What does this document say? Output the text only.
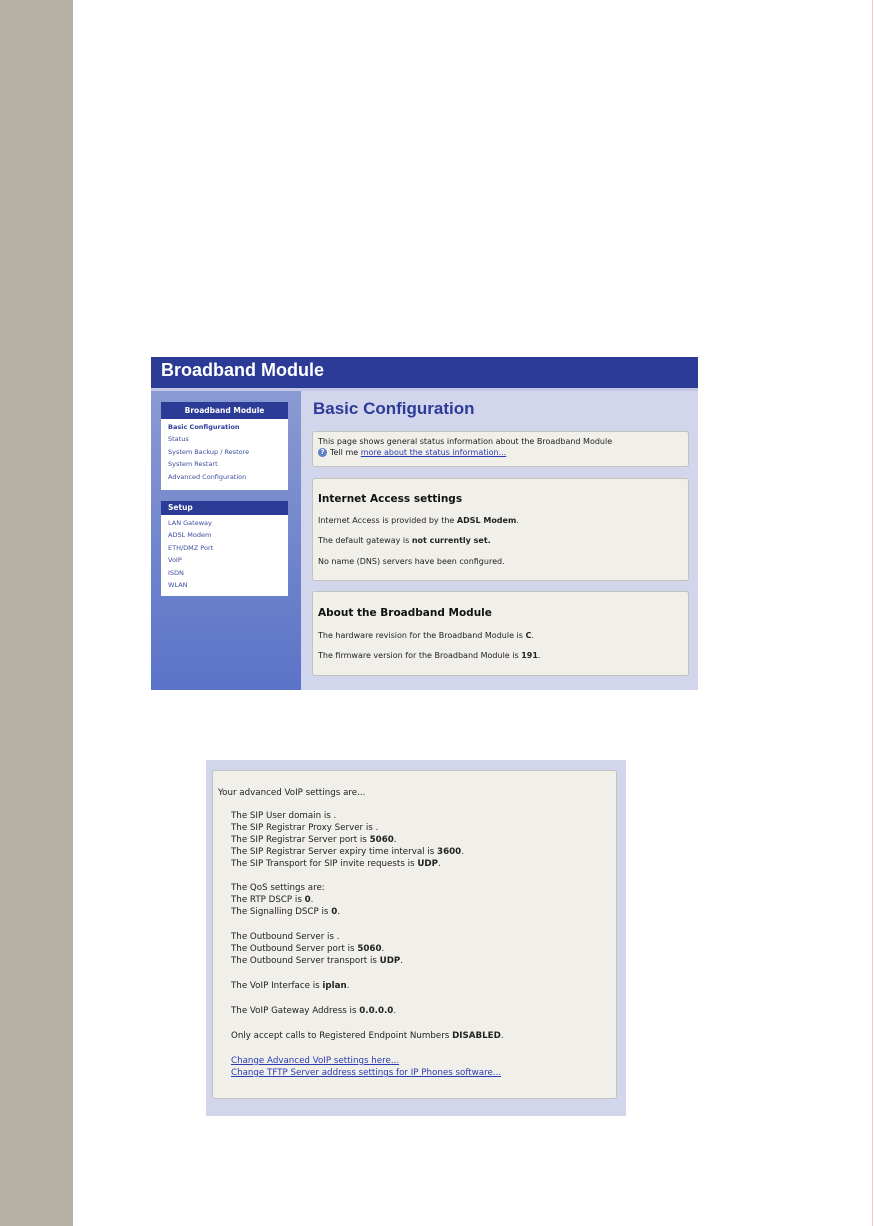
Broadband Module
Broadband Module
Basic Configuration
Status
System Backup / Restore
System Restart
Advanced Configuration
Setup
LAN Gateway
ADSL Modem
ETH/DMZ Port
VoIP
ISDN
WLAN
Basic Configuration
This page shows general status information about the Broadband Module
? Tell me more about the status information...
Internet Access settings
Internet Access is provided by the ADSL Modem.
The default gateway is not currently set.
No name (DNS) servers have been configured.
About the Broadband Module
The hardware revision for the Broadband Module is C.
The firmware version for the Broadband Module is 191.
Your advanced VoIP settings are...
The SIP User domain is .
The SIP Registrar Proxy Server is .
The SIP Registrar Server port is 5060.
The SIP Registrar Server expiry time interval is 3600.
The SIP Transport for SIP invite requests is UDP.
The QoS settings are:
The RTP DSCP is 0.
The Signalling DSCP is 0.
The Outbound Server is .
The Outbound Server port is 5060.
The Outbound Server transport is UDP.
The VoIP Interface is iplan.
The VoIP Gateway Address is 0.0.0.0.
Only accept calls to Registered Endpoint Numbers DISABLED.
Change Advanced VoIP settings here...
Change TFTP Server address settings for IP Phones software...
